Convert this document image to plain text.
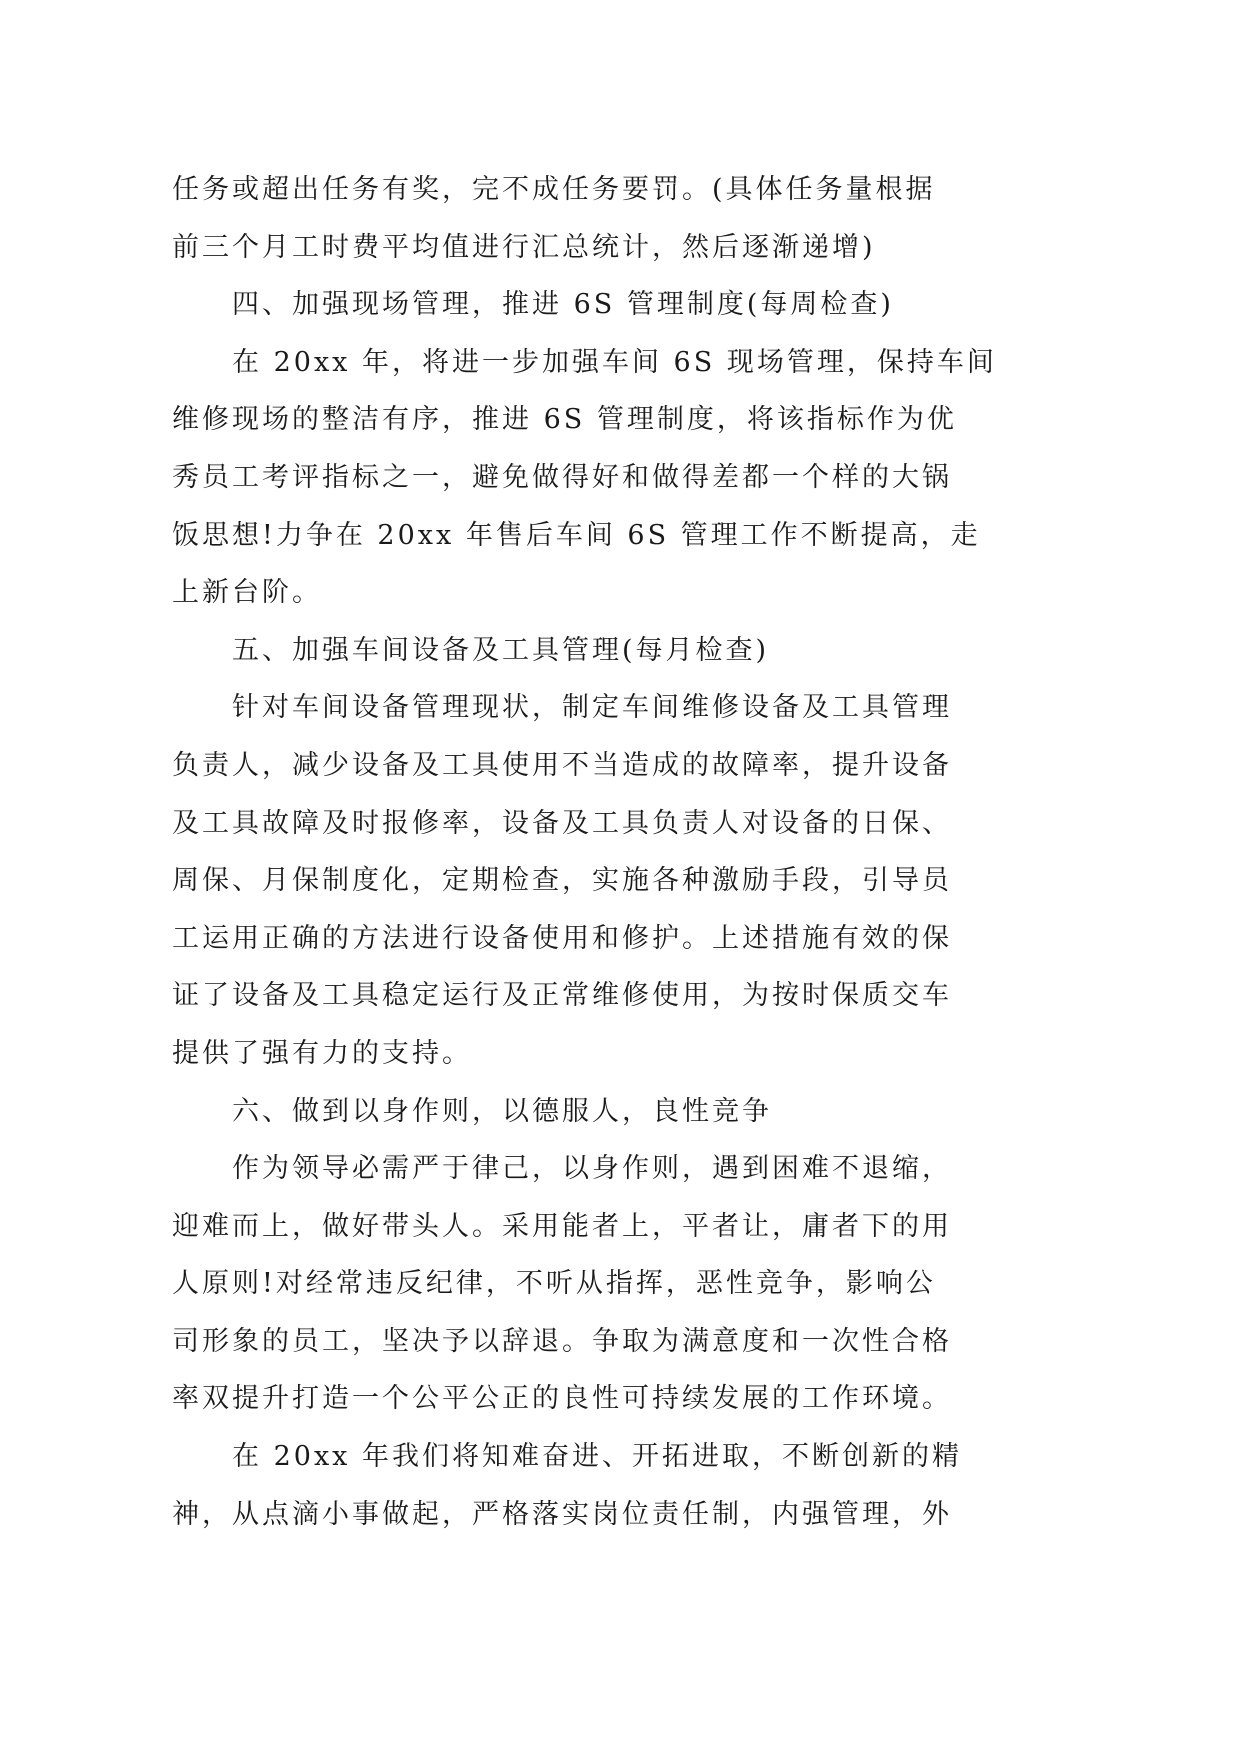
任务或超出任务有奖，完不成任务要罚。(具体任务量根据
前三个月工时费平均值进行汇总统计，然后逐渐递增)
四、加强现场管理，推进 6S 管理制度(每周检查)
在 20xx 年，将进一步加强车间 6S 现场管理，保持车间
维修现场的整洁有序，推进 6S 管理制度，将该指标作为优
秀员工考评指标之一，避免做得好和做得差都一个样的大锅
饭思想!力争在 20xx 年售后车间 6S 管理工作不断提高，走
上新台阶。
五、加强车间设备及工具管理(每月检查)
针对车间设备管理现状，制定车间维修设备及工具管理
负责人，减少设备及工具使用不当造成的故障率，提升设备
及工具故障及时报修率，设备及工具负责人对设备的日保、
周保、月保制度化，定期检查，实施各种激励手段，引导员
工运用正确的方法进行设备使用和修护。上述措施有效的保
证了设备及工具稳定运行及正常维修使用，为按时保质交车
提供了强有力的支持。
六、做到以身作则，以德服人，良性竞争
作为领导必需严于律己，以身作则，遇到困难不退缩，
迎难而上，做好带头人。采用能者上，平者让，庸者下的用
人原则!对经常违反纪律，不听从指挥，恶性竞争，影响公
司形象的员工，坚决予以辞退。争取为满意度和一次性合格
率双提升打造一个公平公正的良性可持续发展的工作环境。
在 20xx 年我们将知难奋进、开拓进取，不断创新的精
神，从点滴小事做起，严格落实岗位责任制，内强管理，外
